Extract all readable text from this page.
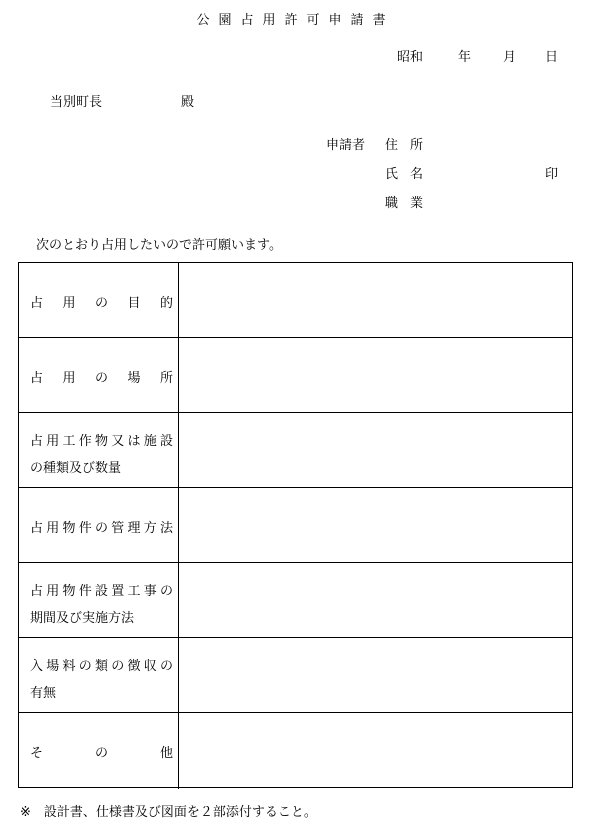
公園占用許可申請書
昭和	年 月 日
当別町長	殿
申請者 住所
氏名	印
職業
次のとおり占用したいので許可願います。
占用の目的
占用の場所
占用工作物又は施設
の種類及び数量
占用物件の管理方法
占用物件設置工事の
期間及び実施方法
入場料の類の徴収の
有無
その他
※　設計書、仕様書及び図面を２部添付すること。
